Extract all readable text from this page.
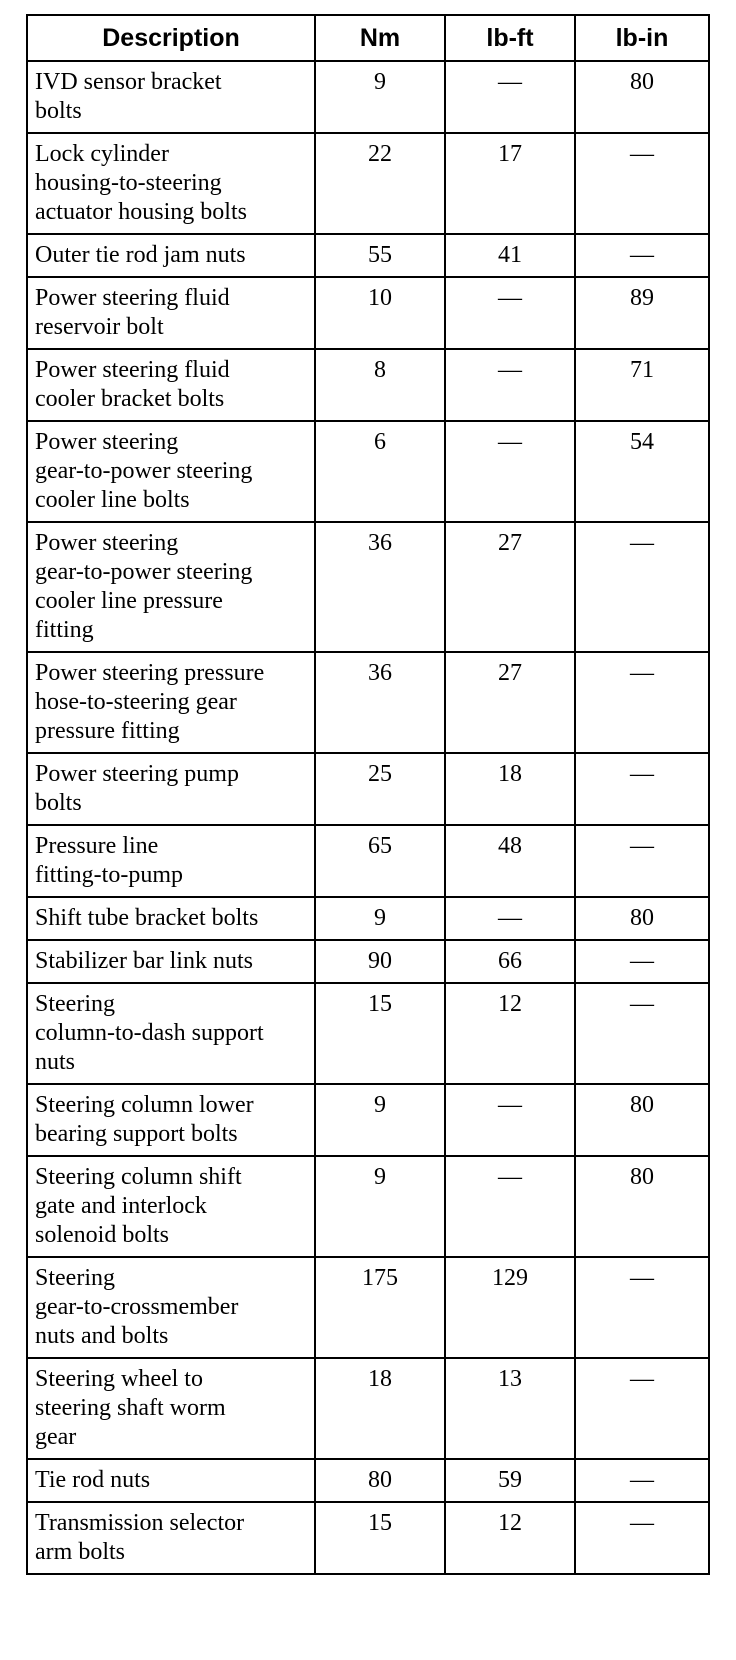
Description	Nm	lb-ft	lb-in
IVD sensor bracket
bolts	9	—	80
Lock cylinder
housing-to-steering
actuator housing bolts	22	17	—
Outer tie rod jam nuts	55	41	—
Power steering fluid
reservoir bolt	10	—	89
Power steering fluid
cooler bracket bolts	8	—	71
Power steering
gear-to-power steering
cooler line bolts	6	—	54
Power steering
gear-to-power steering
cooler line pressure
fitting	36	27	—
Power steering pressure
hose-to-steering gear
pressure fitting	36	27	—
Power steering pump
bolts	25	18	—
Pressure line
fitting-to-pump	65	48	—
Shift tube bracket bolts	9	—	80
Stabilizer bar link nuts	90	66	—
Steering
column-to-dash support
nuts	15	12	—
Steering column lower
bearing support bolts	9	—	80
Steering column shift
gate and interlock
solenoid bolts	9	—	80
Steering
gear-to-crossmember
nuts and bolts	175	129	—
Steering wheel to
steering shaft worm
gear	18	13	—
Tie rod nuts	80	59	—
Transmission selector
arm bolts	15	12	—
